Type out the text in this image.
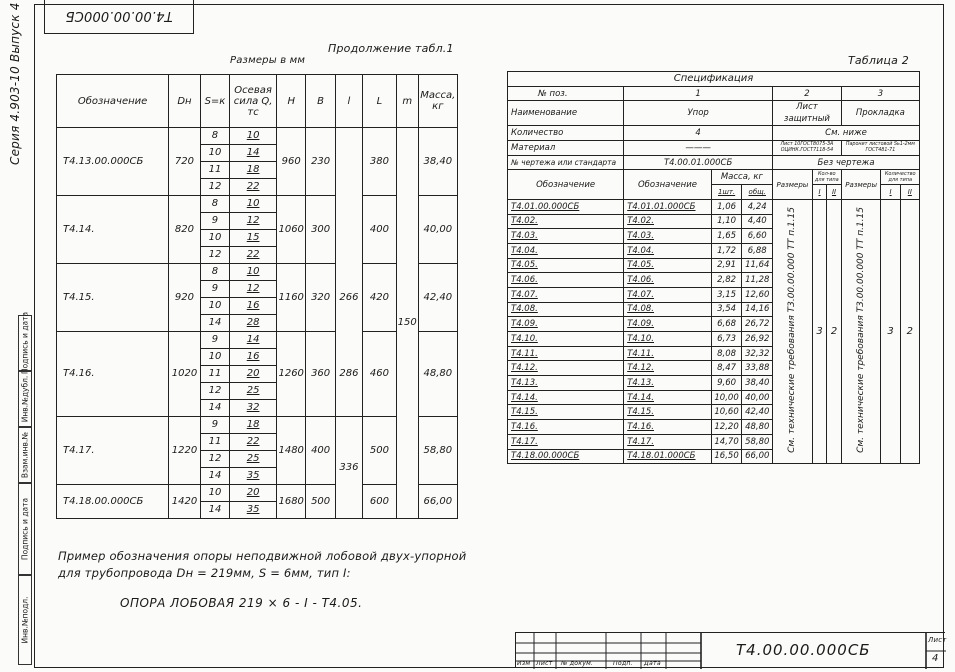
Т4.00.00.000СБ
Серия 4.903-10 Выпуск 4
Подпись и дата
Инв.№дубл.
Взам.инв.№
Подпись и дата
Инв.№подл.
Продолжение табл.1
Размеры в мм
Обозначение	Dн	S=к	Осевая сила Q, тс	H	B	l	L	m	Масса, кг
Т4.13.00.000СБ	720	8	10	960	230		380	150	38,40
		10	14						
		11	18						
		12	22						
Т4.14.	820	8	10	1060	300		400		40,00
		9	12						
		10	15						
		12	22						
Т4.15.	920	8	10	1160	320	266	420		42,40
		9	12						
		10	16						
		14	28						
Т4.16.	1020	9	14	1260	360	286	460		48,80
		10	16						
		11	20						
		12	25						
		14	32						
Т4.17.	1220	9	18	1480	400	336	500		58,80
		11	22						
		12	25						
		14	35						
Т4.18.00.000СБ	1420	10	20	1680	500		600		66,00
		14	35						
Пример обозначения опоры неподвижной лобовой двух-упорной для трубопровода Dн = 219мм, S = 6мм, тип I:
ОПОРА ЛОБОВАЯ 219 × 6 - I - Т4.05.
Таблица 2
Спецификация									
№ поз.	1			2			3		
Наименование	Упор			Лист защитный			Прокладка		
Количество	4			См. ниже					
Материал	———			Лист 10ГОСТ8075-ЗА ОЦИНК.ГОСТ7118-54			Паронит листовой Sь1-2мм ГОСТ481-71		
№ чертежа или стандарта	Т4.00.01.000СБ			Без чертежа					
Обозначение	Обозначение	Масса, кг		Размеры	Кол-во для типа		Размеры	Количество для типа	
		1шт.	общ.		I	II		I	II
Т4.01.00.000СБ	Т4.01.01.000СБ	1,06	4,24	См. технические требования Т3.00.00.000 ТТ п.1.15	3	2	См. технические требования Т3.00.00.000 ТТ п.1.15	3	2
Т4.02.	Т4.02.	1,10	4,40						
Т4.03.	Т4.03.	1,65	6,60						
Т4.04.	Т4.04.	1,72	6,88						
Т4.05.	Т4.05.	2,91	11,64						
Т4.06.	Т4.06.	2,82	11,28						
Т4.07.	Т4.07.	3,15	12,60						
Т4.08.	Т4.08.	3,54	14,16						
Т4.09.	Т4.09.	6,68	26,72						
Т4.10.	Т4.10.	6,73	26,92						
Т4.11.	Т4.11.	8,08	32,32						
Т4.12.	Т4.12.	8,47	33,88						
Т4.13.	Т4.13.	9,60	38,40						
Т4.14.	Т4.14.	10,00	40,00						
Т4.15.	Т4.15.	10,60	42,40						
Т4.16.	Т4.16.	12,20	48,80						
Т4.17.	Т4.17.	14,70	58,80						
Т4.18.00.000СБ	Т4.18.01.000СБ	16,50	66,00						
Изм Лист № докум.	Подп. Дата
Т4.00.00.000СБ
Лист
4
